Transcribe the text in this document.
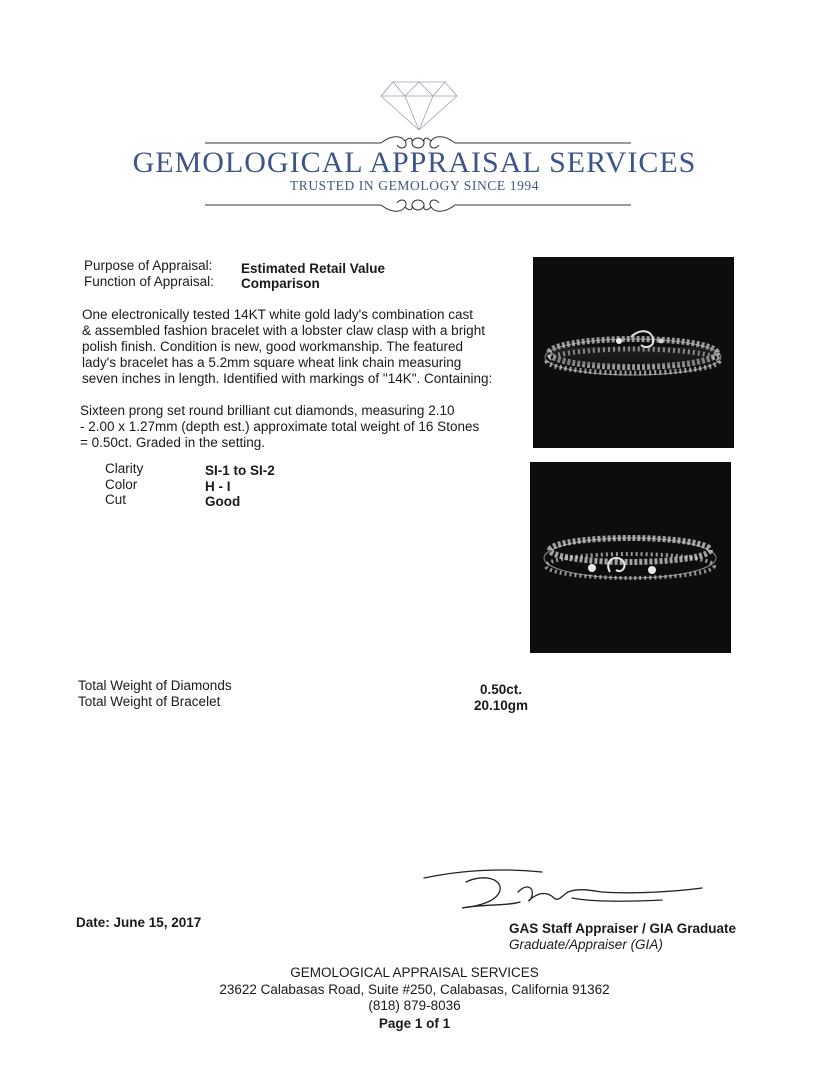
GEMOLOGICAL APPRAISAL SERVICES
TRUSTED IN GEMOLOGY SINCE 1994
Purpose of Appraisal: Estimated Retail Value
Function of Appraisal: Comparison
One electronically tested 14KT white gold lady's combination cast
& assembled fashion bracelet with a lobster claw clasp with a bright
polish finish. Condition is new, good workmanship. The featured
lady's bracelet has a 5.2mm square wheat link chain measuring
seven inches in length. Identified with markings of "14K". Containing:
Sixteen prong set round brilliant cut diamonds, measuring 2.10
- 2.00 x 1.27mm (depth est.) approximate total weight of 16 Stones
= 0.50ct. Graded in the setting.
Clarity	SI-1 to SI-2
Color	H - I
Cut	Good
Total Weight of Diamonds	0.50ct.
Total Weight of Bracelet	20.10gm
Date: June 15, 2017	GAS Staff Appraiser / GIA Graduate
Graduate/Appraiser (GIA)
GEMOLOGICAL APPRAISAL SERVICES
23622 Calabasas Road, Suite #250, Calabasas, California 91362
(818) 879-8036
Page 1 of 1
